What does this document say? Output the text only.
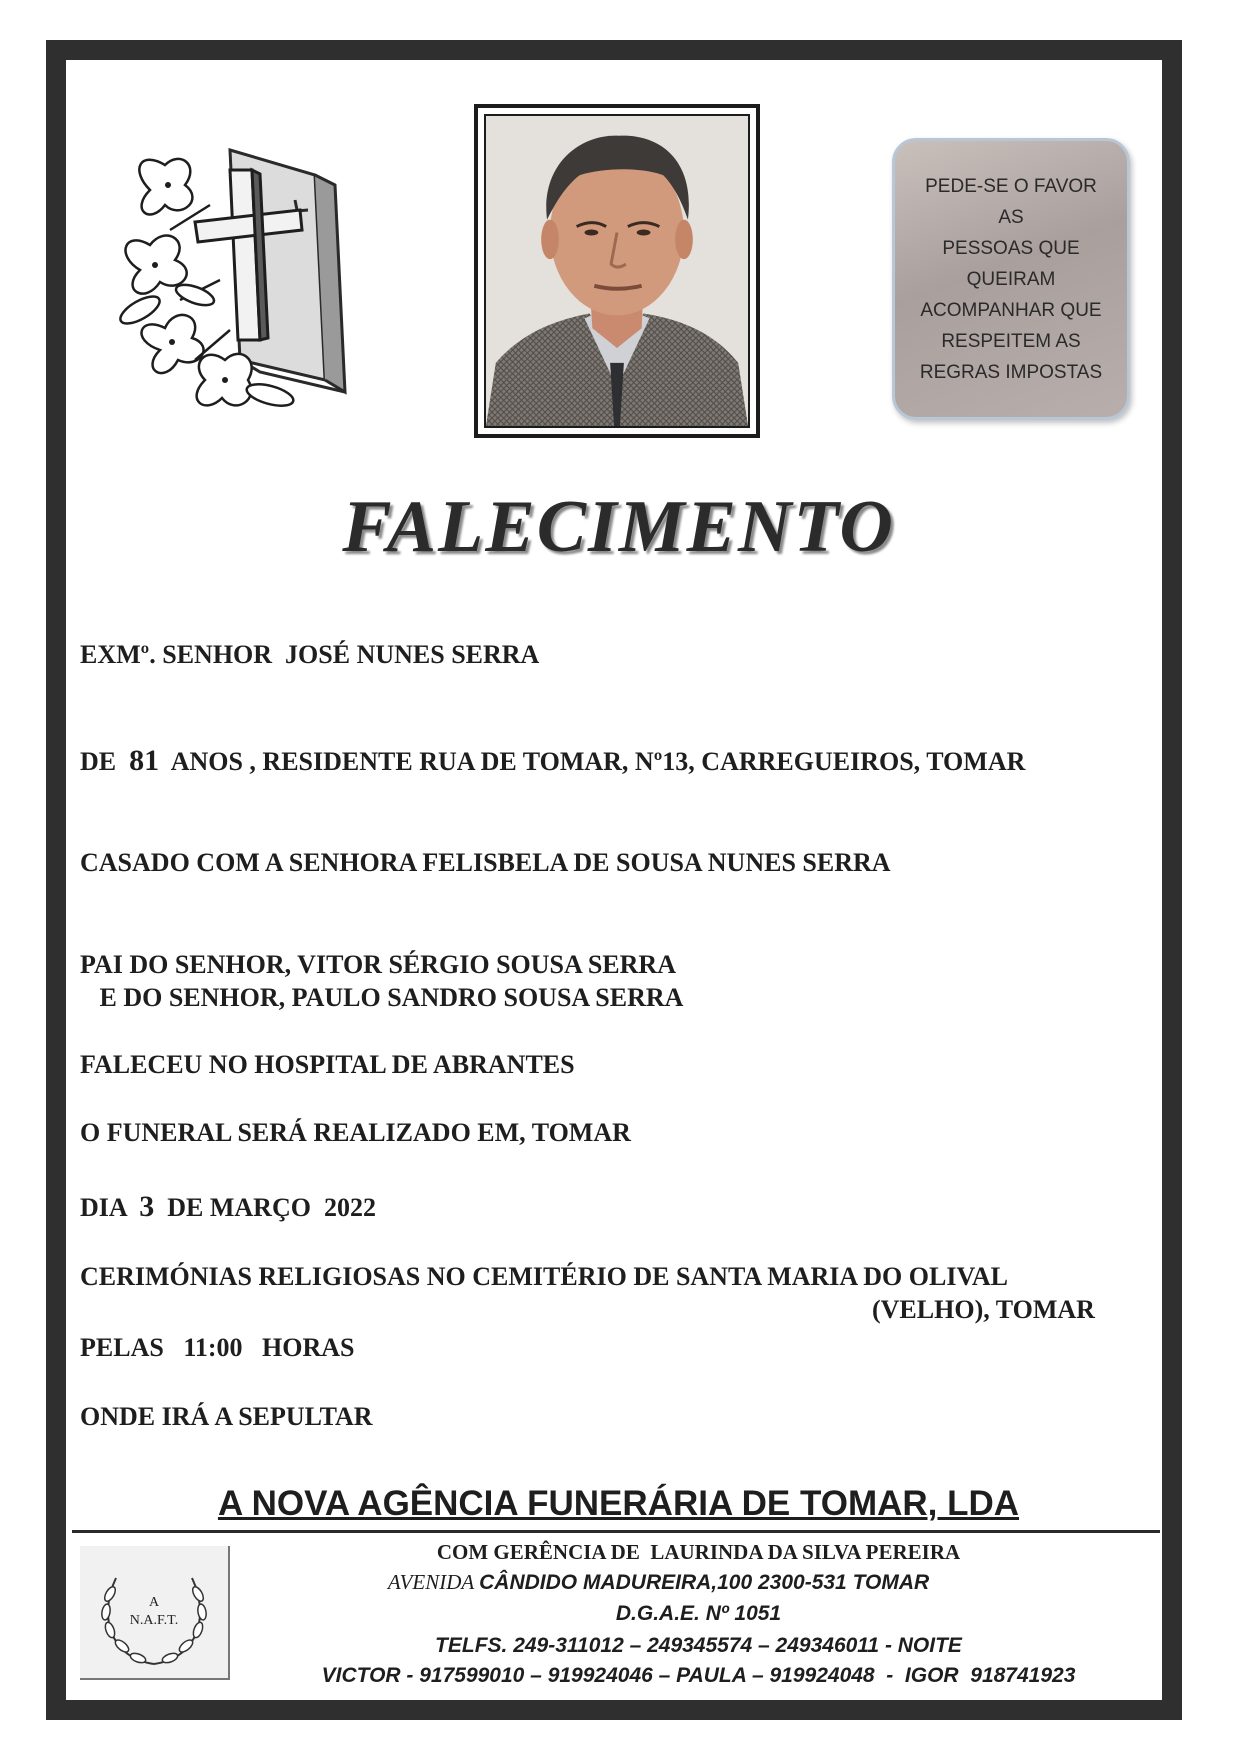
PEDE-SE O FAVOR AS
PESSOAS QUE
QUEIRAM
ACOMPANHAR QUE
RESPEITEM AS
REGRAS IMPOSTAS
FALECIMENTO
EXMº. SENHOR  JOSÉ NUNES SERRA
DE  81  ANOS , RESIDENTE RUA DE TOMAR, Nº13, CARREGUEIROS, TOMAR
CASADO COM A SENHORA FELISBELA DE SOUSA NUNES SERRA
PAI DO SENHOR, VITOR SÉRGIO SOUSA SERRA
E DO SENHOR, PAULO SANDRO SOUSA SERRA
FALECEU NO HOSPITAL DE ABRANTES
O FUNERAL SERÁ REALIZADO EM, TOMAR
DIA  3  DE MARÇO  2022
CERIMÓNIAS RELIGIOSAS NO CEMITÉRIO DE SANTA MARIA DO OLIVAL
(VELHO), TOMAR
PELAS   11:00   HORAS
ONDE IRÁ A SEPULTAR
A NOVA AGÊNCIA FUNERÁRIA DE TOMAR, LDA
A
N.A.F.T.
COM GERÊNCIA DE  LAURINDA DA SILVA PEREIRA
AVENIDA CÂNDIDO MADUREIRA,100 2300-531 TOMAR
D.G.A.E. Nº 1051
TELFS. 249-311012 – 249345574 – 249346011 - NOITE
VICTOR - 917599010 – 919924046 – PAULA – 919924048  -  IGOR  918741923
